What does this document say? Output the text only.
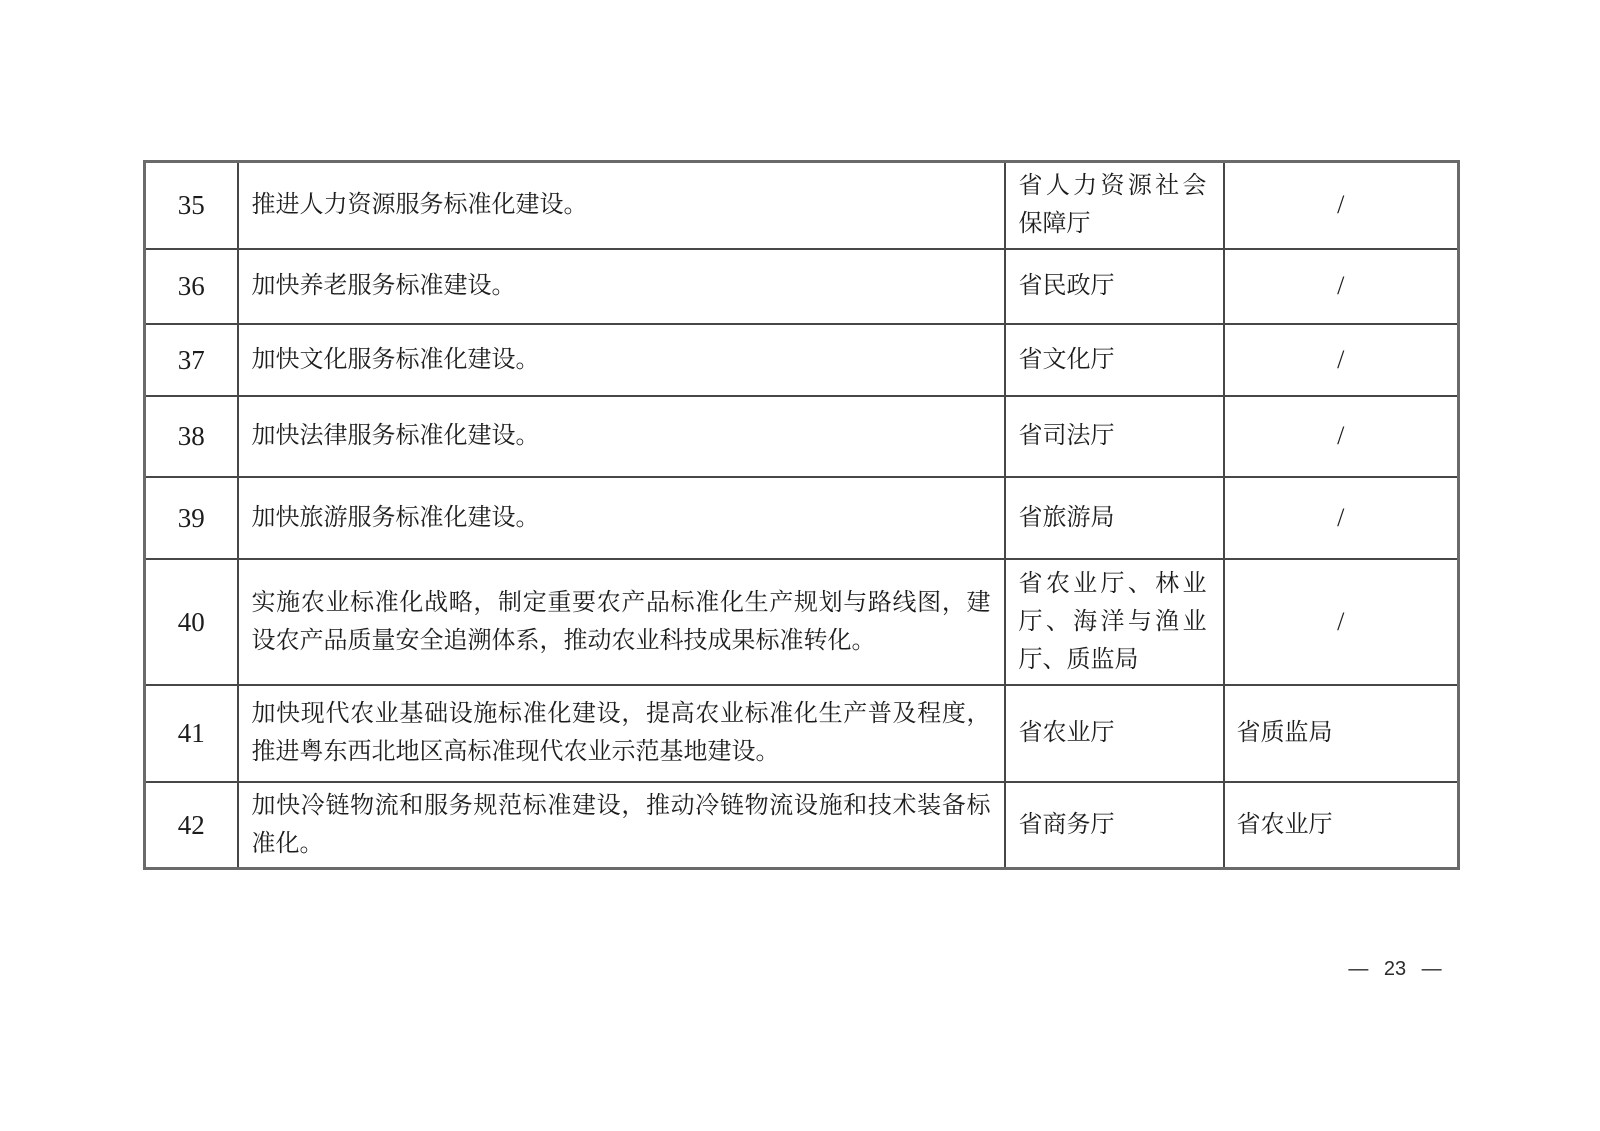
35	推进人力资源服务标准化建设。	省人力资源社会保障厅	/
36	加快养老服务标准建设。	省民政厅	/
37	加快文化服务标准化建设。	省文化厅	/
38	加快法律服务标准化建设。	省司法厅	/
39	加快旅游服务标准化建设。	省旅游局	/
40	实施农业标准化战略，制定重要农产品标准化生产规划与路线图，建设农产品质量安全追溯体系，推动农业科技成果标准转化。	省农业厅、林业厅、海洋与渔业厅、质监局	/
41	加快现代农业基础设施标准化建设，提高农业标准化生产普及程度，推进粤东西北地区高标准现代农业示范基地建设。	省农业厅	省质监局
42	加快冷链物流和服务规范标准建设，推动冷链物流设施和技术装备标准化。	省商务厅	省农业厅
— 23 —
